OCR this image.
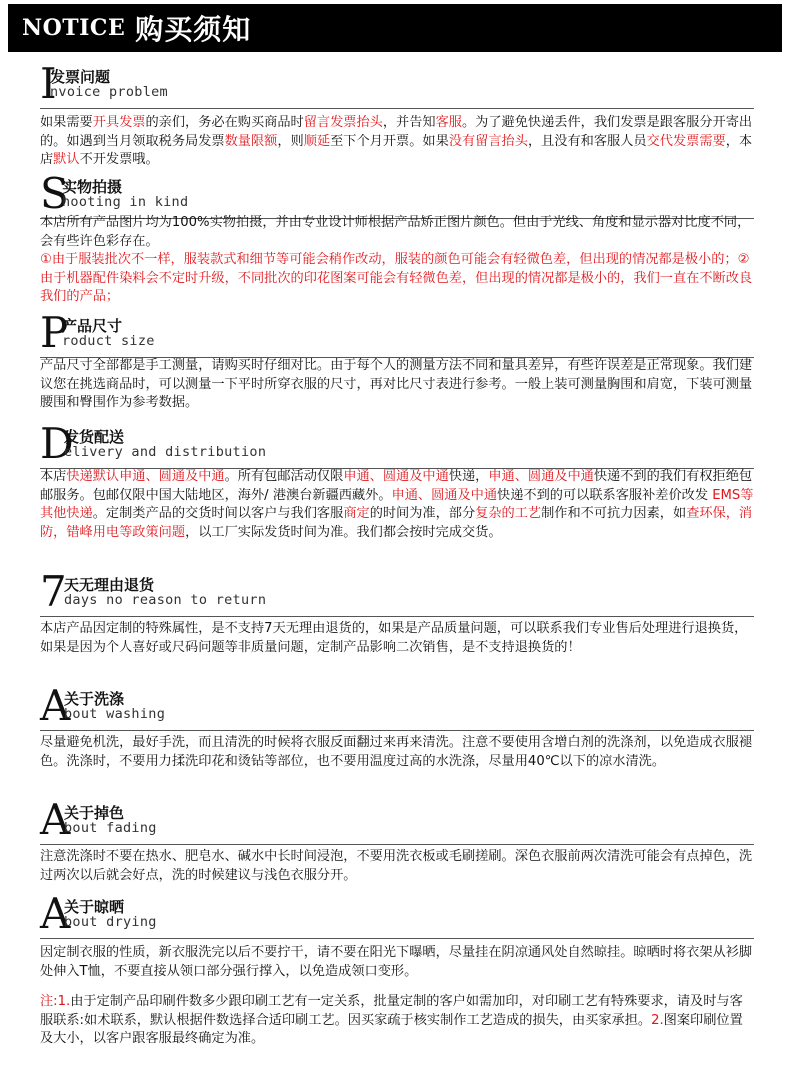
NOTICE 购买须知
I
发票问题
nvoice problem
如果需要开具发票的亲们，务必在购买商品时留言发票抬头，并告知客服。为了避免快递丢件，我们发票是跟客服分开寄出的。如遇到当月领取税务局发票数量限额，则顺延至下个月开票。如果没有留言抬头，且没有和客服人员交代发票需要，本店默认不开发票哦。
S
实物拍摄
hooting in kind
本店所有产品图片均为100%实物拍摄，并由专业设计师根据产品矫正图片颜色。但由于光线、角度和显示器对比度不同，会有些许色彩存在。
①由于服装批次不一样，服装款式和细节等可能会稍作改动，服装的颜色可能会有轻微色差，但出现的情况都是极小的；②由于机器配件染料会不定时升级，不同批次的印花图案可能会有轻微色差，但出现的情况都是极小的，我们一直在不断改良我们的产品；
P
产品尺寸
roduct size
产品尺寸全部都是手工测量，请购买时仔细对比。由于每个人的测量方法不同和量具差异，有些许误差是正常现象。我们建议您在挑选商品时，可以测量一下平时所穿衣服的尺寸，再对比尺寸表进行参考。一般上装可测量胸围和肩宽，下装可测量腰围和臀围作为参考数据。
D
发货配送
elivery and distribution
本店快递默认申通、圆通及中通。所有包邮活动仅限申通、圆通及中通快递，申通、圆通及中通快递不到的我们有权拒绝包邮服务。包邮仅限中国大陆地区，海外/ 港澳台新疆西藏外。申通、圆通及中通快递不到的可以联系客服补差价改发 EMS等其他快递。定制类产品的交货时间以客户与我们客服商定的时间为准，部分复杂的工艺制作和不可抗力因素，如查环保，消防，错峰用电等政策问题，以工厂实际发货时间为准。我们都会按时完成交货。
7
天无理由退货
days no reason to return
本店产品因定制的特殊属性，是不支持7天无理由退货的，如果是产品质量问题，可以联系我们专业售后处理进行退换货，如果是因为个人喜好或尺码问题等非质量问题，定制产品影响二次销售，是不支持退换货的！
A
关于洗涤
bout washing
尽量避免机洗，最好手洗，而且清洗的时候将衣服反面翻过来再来清洗。注意不要使用含增白剂的洗涤剂，以免造成衣服褪色。洗涤时，不要用力揉洗印花和烫钻等部位，也不要用温度过高的水洗涤，尽量用40℃以下的凉水清洗。
A
关于掉色
bout fading
注意洗涤时不要在热水、肥皂水、碱水中长时间浸泡，不要用洗衣板或毛刷搓刷。深色衣服前两次清洗可能会有点掉色，洗过两次以后就会好点，洗的时候建议与浅色衣服分开。
A
关于晾晒
bout drying
因定制衣服的性质，新衣服洗完以后不要拧干，请不要在阳光下曝晒，尽量挂在阴凉通风处自然晾挂。晾晒时将衣架从衫脚处伸入T恤，不要直接从领口部分强行撑入，以免造成领口变形。
注:1.由于定制产品印刷件数多少跟印刷工艺有一定关系，批量定制的客户如需加印，对印刷工艺有特殊要求，请及时与客服联系:如术联系，默认根据件数选择合适印刷工艺。因买家疏于核实制作工艺造成的损失，由买家承担。2.图案印刷位置及大小，以客户跟客服最终确定为准。
